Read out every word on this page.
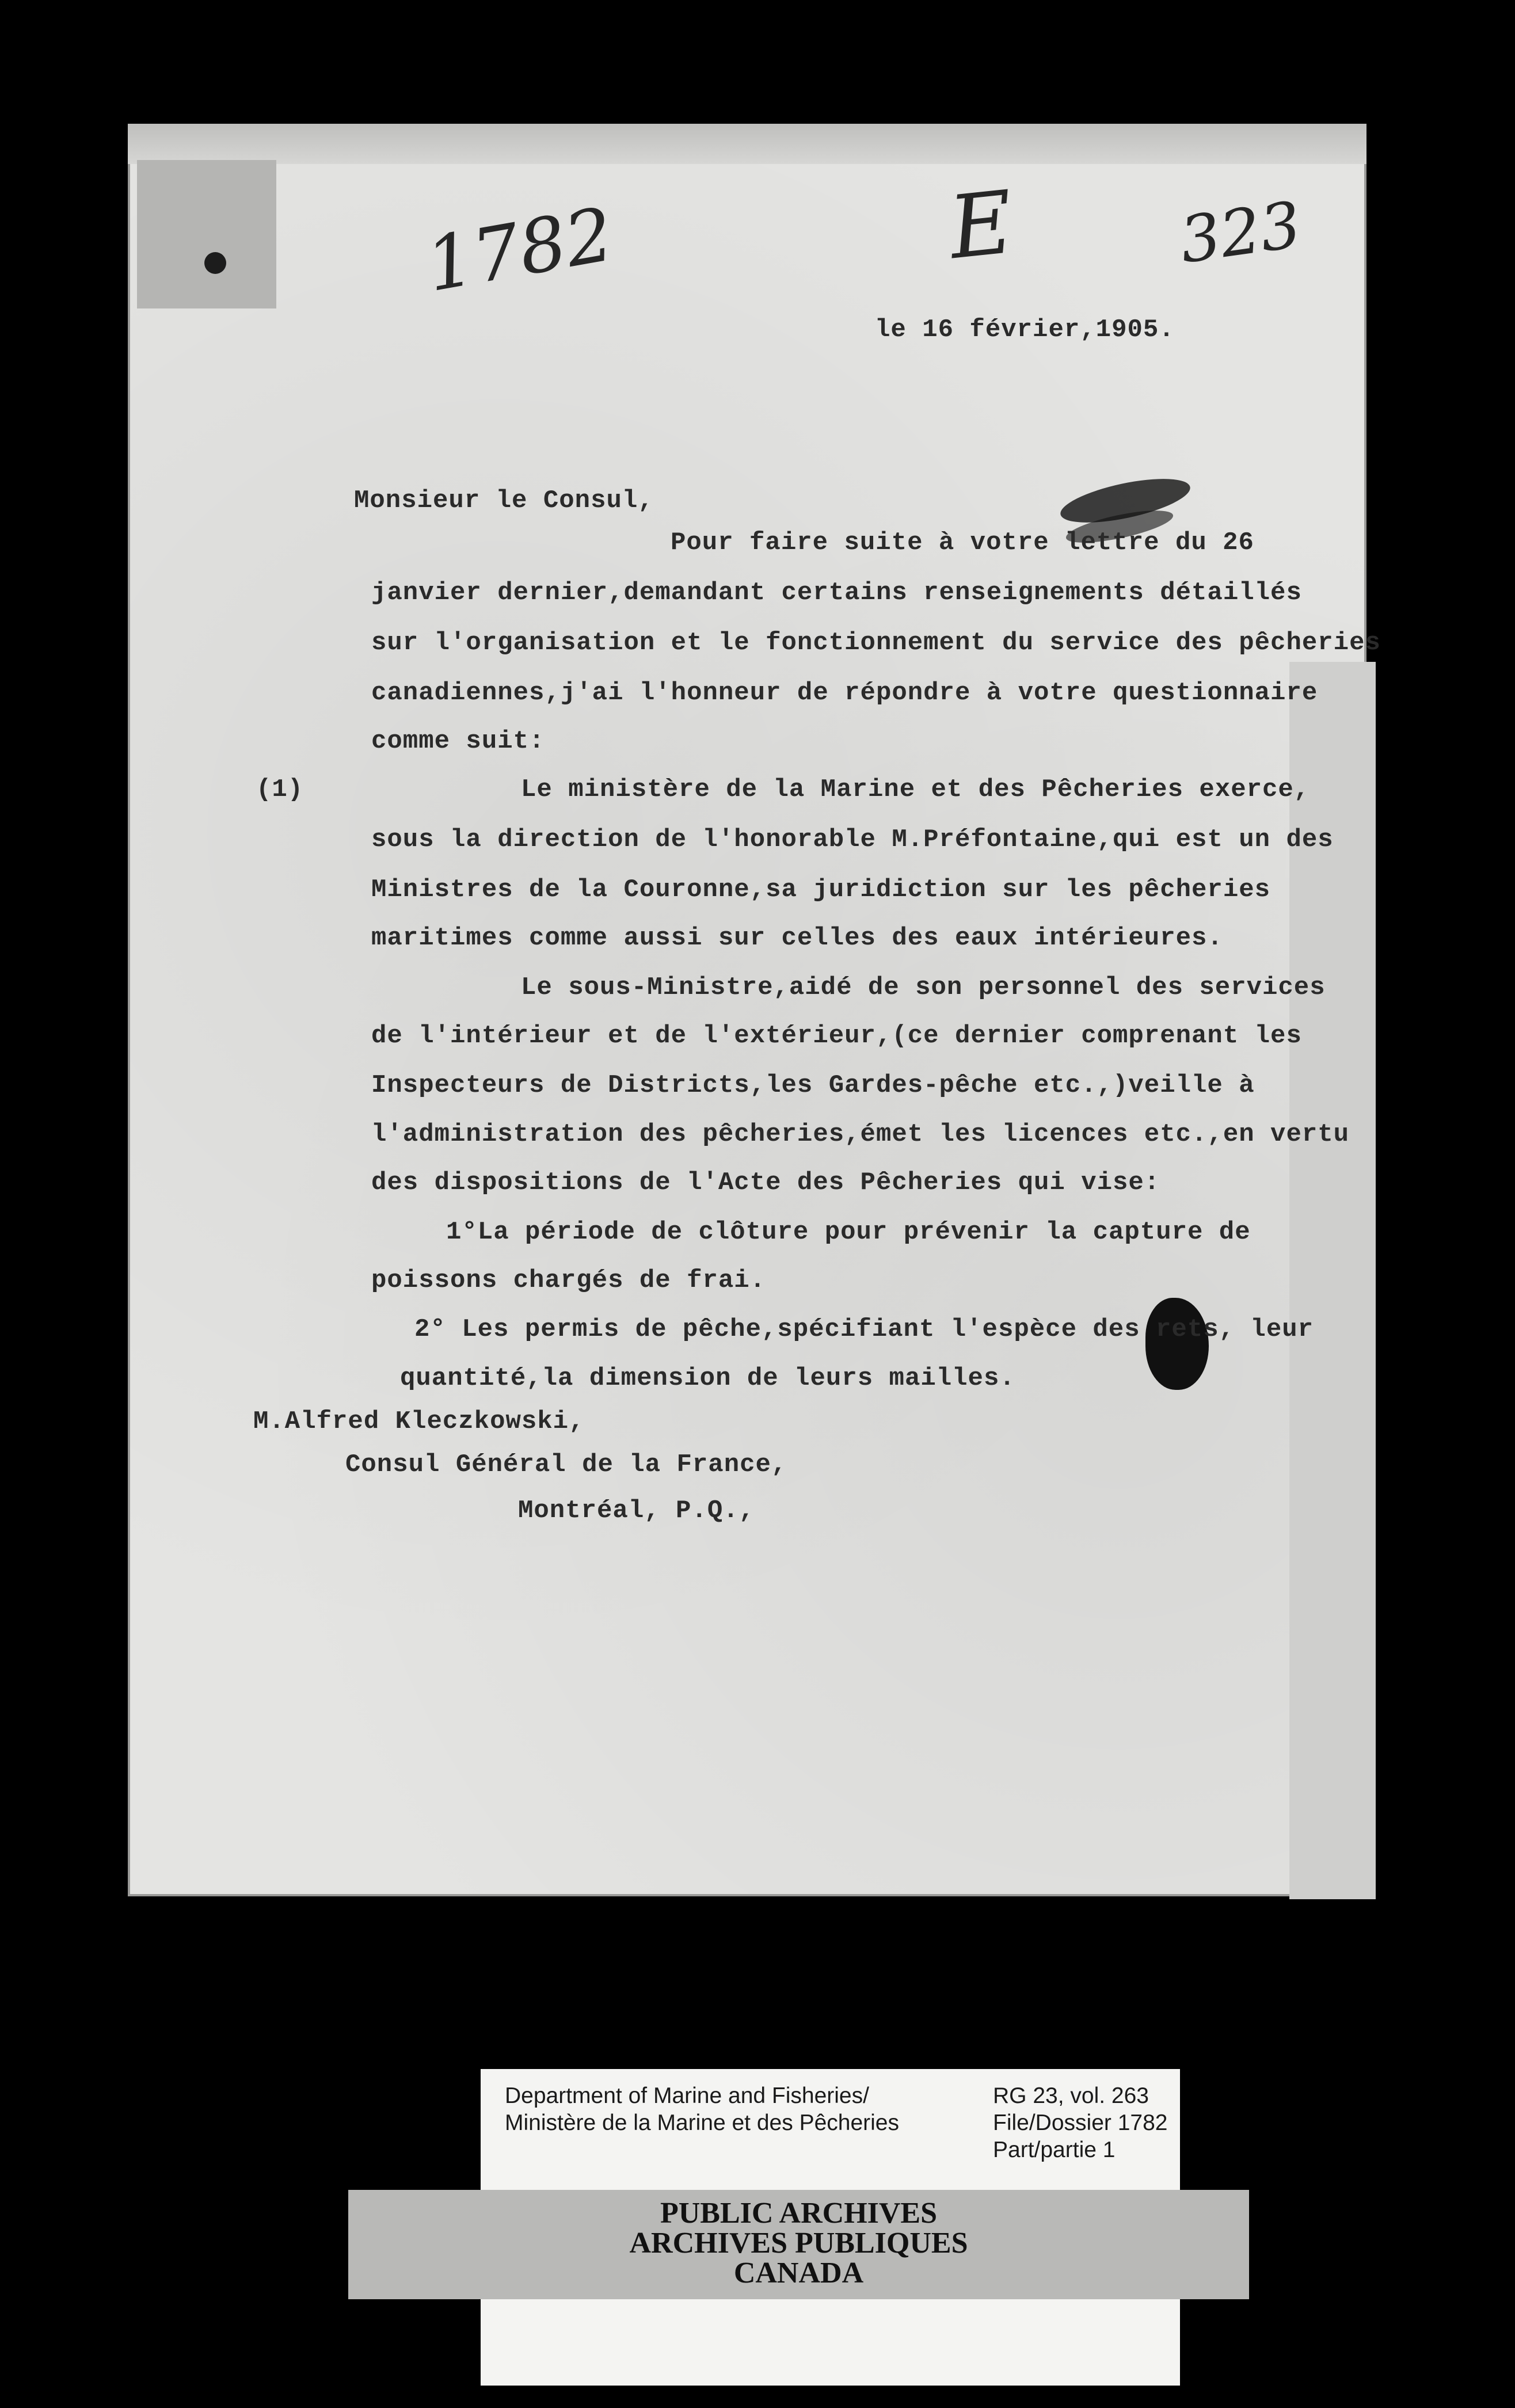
1782	E 323
le 16 février,1905.
Monsieur le Consul,
Pour faire suite à votre lettre du 26
janvier dernier,demandant certains renseignements détaillés
sur l'organisation et le fonctionnement du service des pêcheries
canadiennes,j'ai l'honneur de répondre à votre questionnaire
comme suit:
(1)	Le ministère de la Marine et des Pêcheries exerce,
sous la direction de l'honorable M.Préfontaine,qui est un des
Ministres de la Couronne,sa juridiction sur les pêcheries
maritimes comme aussi sur celles des eaux intérieures.
Le sous-Ministre,aidé de son personnel des services
de l'intérieur et de l'extérieur,(ce dernier comprenant les
Inspecteurs de Districts,les Gardes-pêche etc.,)veille à
l'administration des pêcheries,émet les licences etc.,en vertu
des dispositions de l'Acte des Pêcheries qui vise:
1°La période de clôture pour prévenir la capture de
poissons chargés de frai.
2° Les permis de pêche,spécifiant l'espèce des rets, leur
quantité,la dimension de leurs mailles.
M.Alfred Kleczkowski,
Consul Général de la France,
Montréal, P.Q.,
Department of Marine and Fisheries/
Ministère de la Marine et des Pêcheries
RG 23, vol. 263
File/Dossier 1782
Part/partie 1
PUBLIC ARCHIVES
ARCHIVES PUBLIQUES
CANADA
